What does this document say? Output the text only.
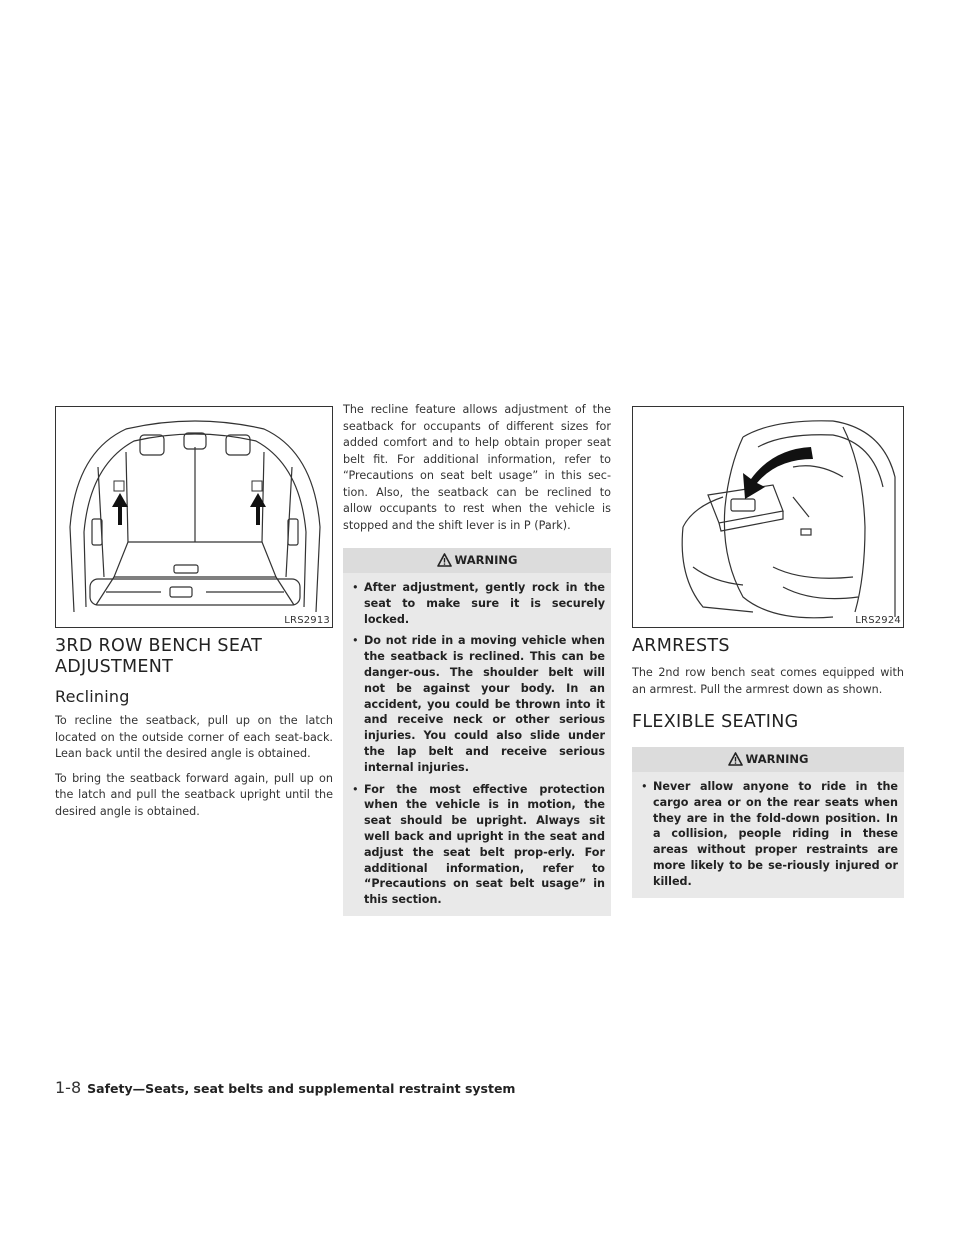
LRS2913
3RD ROW BENCH SEAT ADJUSTMENT
Reclining

To recline the seatback, pull up on the latch located on the outside corner of each seat-back. Lean back until the desired angle is obtained.

To bring the seatback forward again, pull up on the latch and pull the seatback upright until the desired angle is obtained.

The recline feature allows adjustment of the seatback for occupants of different sizes for added comfort and to help obtain proper seat belt fit. For additional information, refer to “Precautions on seat belt usage” in this sec-tion. Also, the seatback can be reclined to allow occupants to rest when the vehicle is stopped and the shift lever is in P (Park).

WARNING
• After adjustment, gently rock in the seat to make sure it is securely locked.
• Do not ride in a moving vehicle when the seatback is reclined. This can be danger-ous. The shoulder belt will not be against your body. In an accident, you could be thrown into it and receive neck or other serious injuries. You could also slide under the lap belt and receive serious internal injuries.
• For the most effective protection when the vehicle is in motion, the seat should be upright. Always sit well back and upright in the seat and adjust the seat belt prop-erly. For additional information, refer to “Precautions on seat belt usage” in this section.
LRS2924
ARMRESTS

The 2nd row bench seat comes equipped with an armrest. Pull the armrest down as shown.

FLEXIBLE SEATING
WARNING
• Never allow anyone to ride in the cargo area or on the rear seats when they are in the fold-down position. In a collision, people riding in these areas without proper restraints are more likely to be se-riously injured or killed.
1-8 Safety—Seats, seat belts and supplemental restraint system
